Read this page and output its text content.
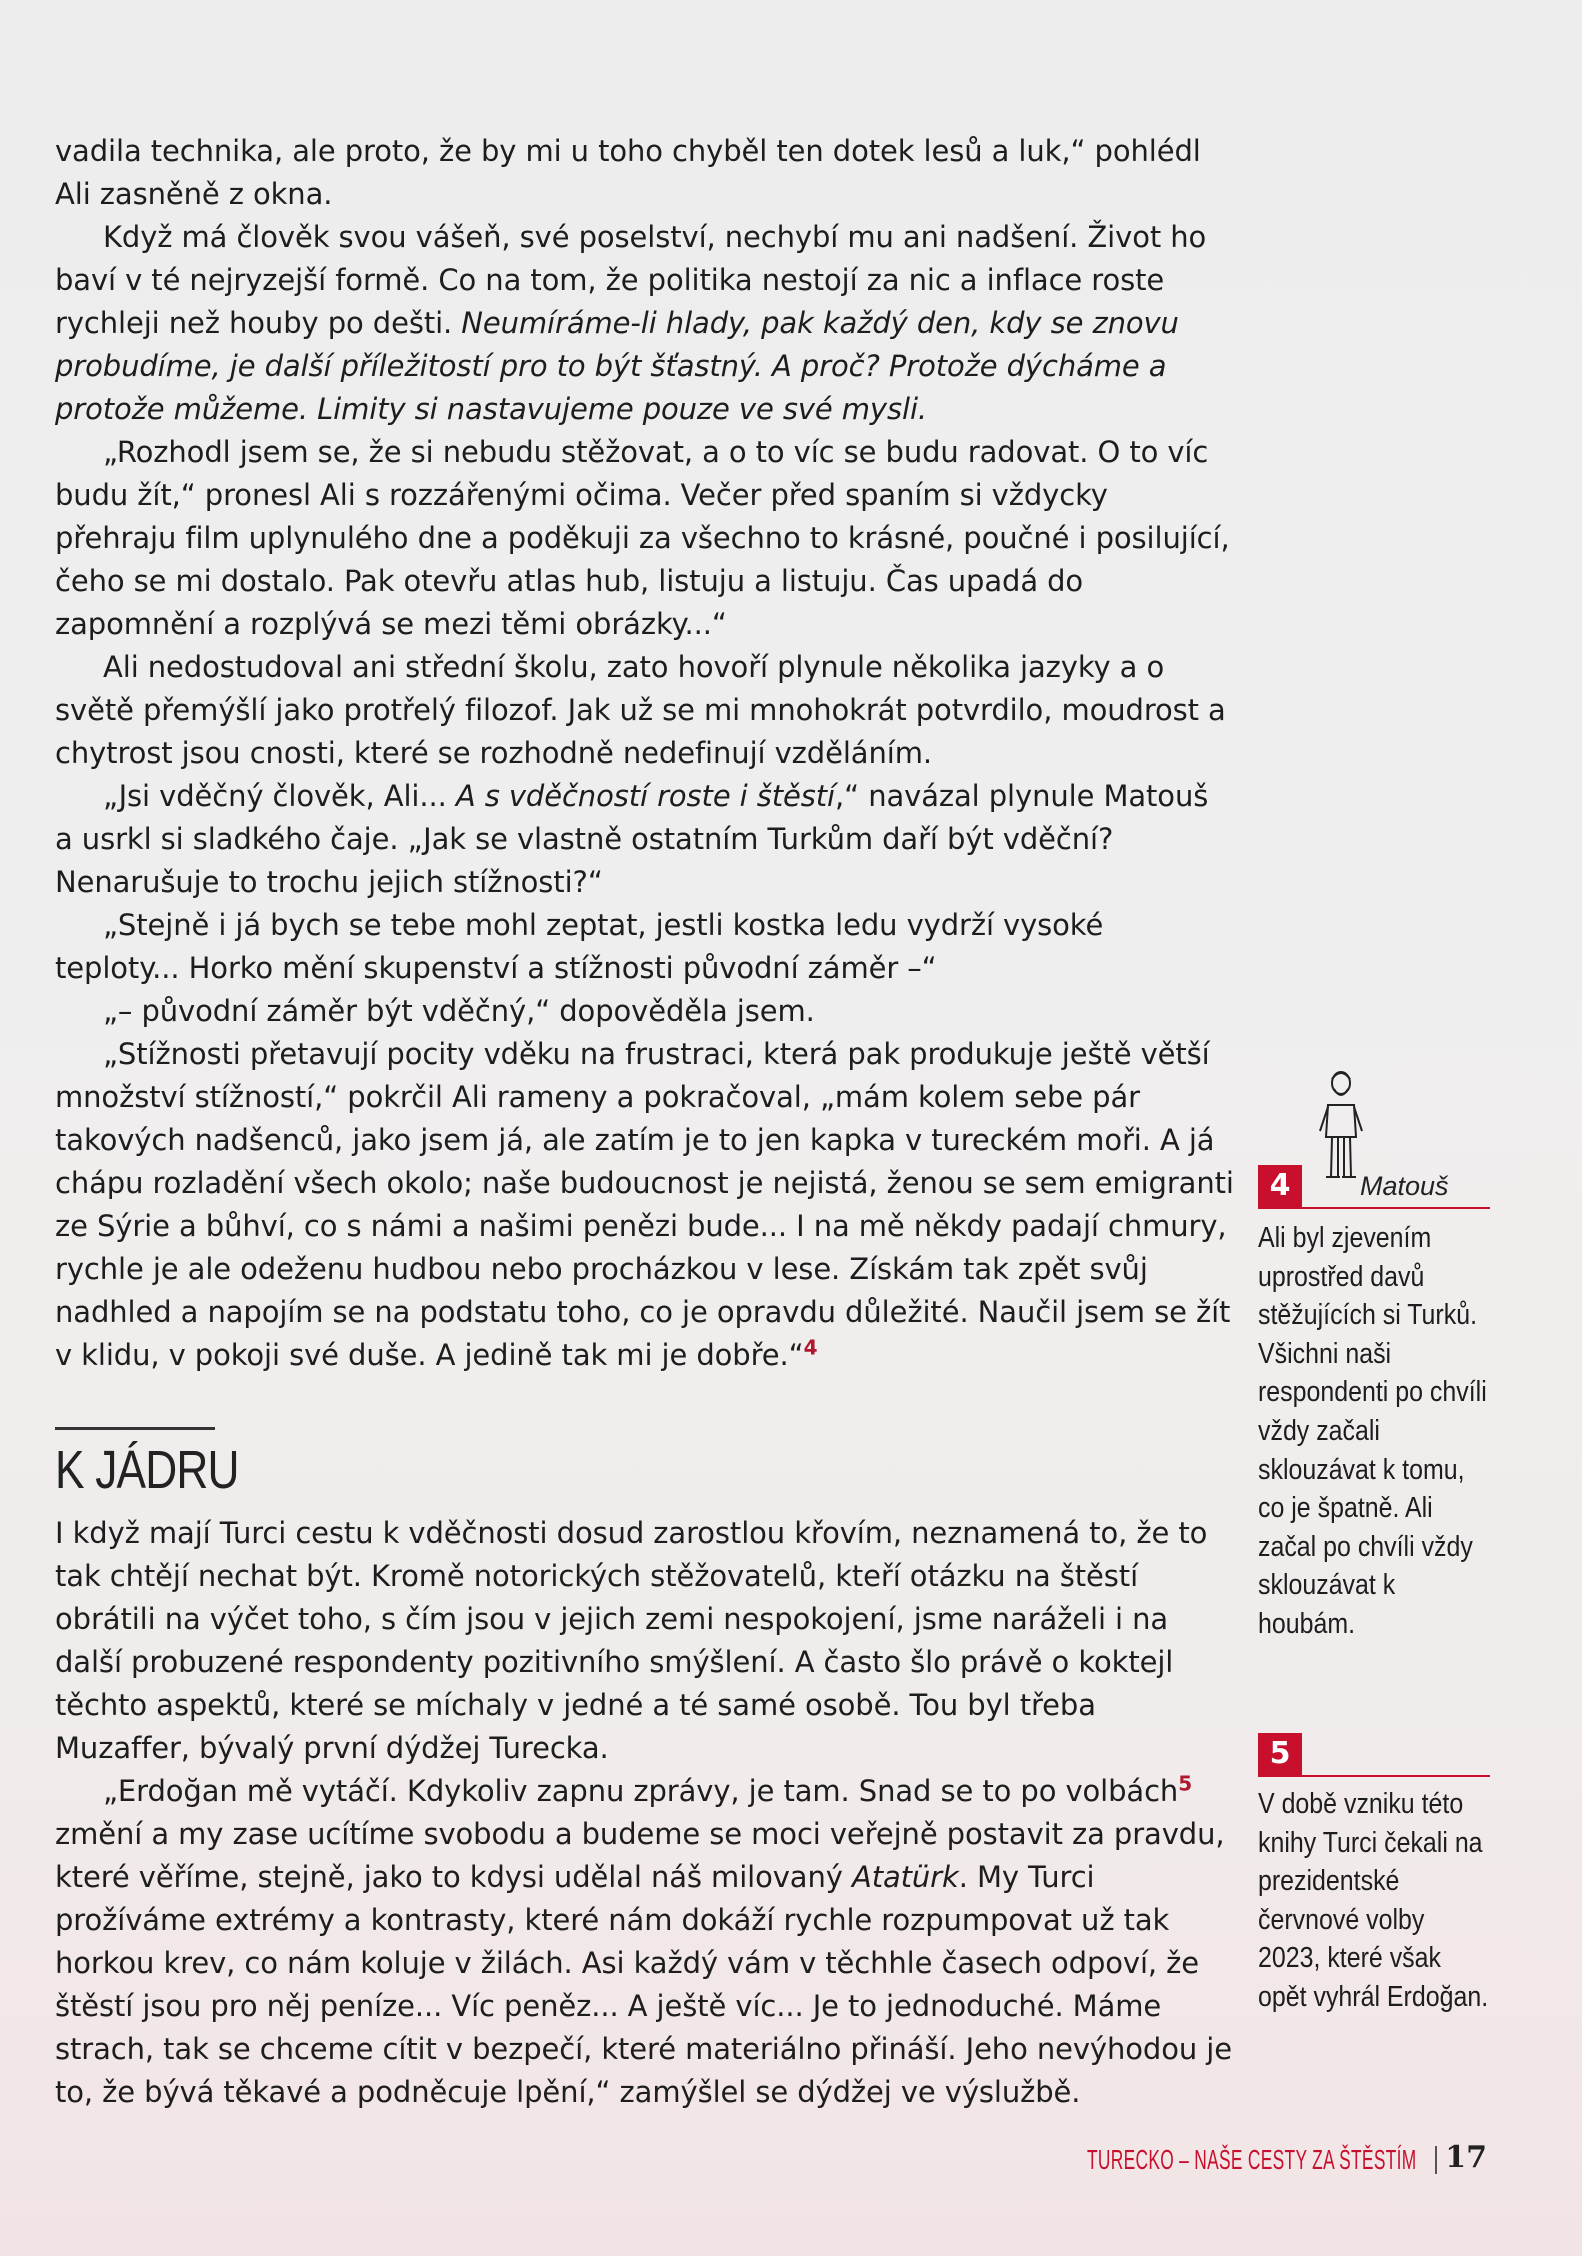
vadila technika, ale proto, že by mi u toho chyběl ten dotek lesů a luk,“ pohlédl Ali zasněně z okna.

Když má člověk svou vášeň, své poselství, nechybí mu ani nadšení. Život ho baví v té nejryzejší formě. Co na tom, že politika nestojí za nic a inflace roste rychleji než houby po dešti. Neumíráme-li hlady, pak každý den, kdy se znovu probudíme, je další příležitostí pro to být šťastný. A proč? Protože dýcháme a protože můžeme. Limity si nastavujeme pouze ve své mysli.

„Rozhodl jsem se, že si nebudu stěžovat, a o to víc se budu radovat. O to víc budu žít,“ pronesl Ali s rozzářenými očima. Večer před spaním si vždycky přehraju film uplynulého dne a poděkuji za všechno to krásné, poučné i posilující, čeho se mi dostalo. Pak otevřu atlas hub, listuju a listuju. Čas upadá do zapomnění a rozplývá se mezi těmi obrázky...“

Ali nedostudoval ani střední školu, zato hovoří plynule několika jazyky a o světě přemýšlí jako protřelý filozof. Jak už se mi mnohokrát potvrdilo, moudrost a chytrost jsou cnosti, které se rozhodně nedefinují vzděláním.

„Jsi vděčný člověk, Ali... A s vděčností roste i štěstí,“ navázal plynule Matouš a usrkl si sladkého čaje. „Jak se vlastně ostatním Turkům daří být vděční? Nenarušuje to trochu jejich stížnosti?“

„Stejně i já bych se tebe mohl zeptat, jestli kostka ledu vydrží vysoké teploty... Horko mění skupenství a stížnosti původní záměr –“

„– původní záměr být vděčný,“ dopověděla jsem.

„Stížnosti přetavují pocity vděku na frustraci, která pak produkuje ještě větší množství stížností,“ pokrčil Ali rameny a pokračoval, „mám kolem sebe pár takových nadšenců, jako jsem já, ale zatím je to jen kapka v tureckém moři. A já chápu rozladění všech okolo; naše budoucnost je nejistá, ženou se sem emigranti ze Sýrie a bůhví, co s námi a našimi penězi bude... I na mě někdy padají chmury, rychle je ale odeženu hudbou nebo procházkou v lese. Získám tak zpět svůj nadhled a napojím se na podstatu toho, co je opravdu důležité. Naučil jsem se žít v klidu, v pokoji své duše. A jedině tak mi je dobře.“$^4$

K JÁDRU

I když mají Turci cestu k vděčnosti dosud zarostlou křovím, neznamená to, že to tak chtějí nechat být. Kromě notorických stěžovatelů, kteří otázku na štěstí obrátili na výčet toho, s čím jsou v jejich zemi nespokojení, jsme naráželi i na další probuzené respondenty pozitivního smýšlení. A často šlo právě o koktejl těchto aspektů, které se míchaly v jedné a té samé osobě. Tou byl třeba Muzaffer, bývalý první dýdžej Turecka.

„Erdoğan mě vytáčí. Kdykoliv zapnu zprávy, je tam. Snad se to po volbách$^5$ změní a my zase ucítíme svobodu a budeme se moci veřejně postavit za pravdu, které věříme, stejně, jako to kdysi udělal náš milovaný Atatürk. My Turci prožíváme extrémy a kontrasty, které nám dokáží rychle rozpumpovat už tak horkou krev, co nám koluje v žilách. Asi každý vám v těchhle časech odpoví, že štěstí jsou pro něj peníze... Víc peněz... A ještě víc... Je to jednoduché. Máme strach, tak se chceme cítit v bezpečí, které materiálno přináší. Jeho nevýhodou je to, že bývá těkavé a podněcuje lpění,“ zamýšlel se dýdžej ve výslužbě.

4	Matouš
Ali byl zjevením uprostřed davů stěžujících si Turků. Všichni naši respondenti po chvíli vždy začali sklouzávat k tomu, co je špatně. Ali začal po chvíli vždy sklouzávat k houbám.
5
V době vzniku této knihy Turci čekali na prezidentské červnové volby 2023, které však opět vyhrál Erdoğan.
TURECKO – NAŠE CESTY ZA ŠTĚSTÍM 17
